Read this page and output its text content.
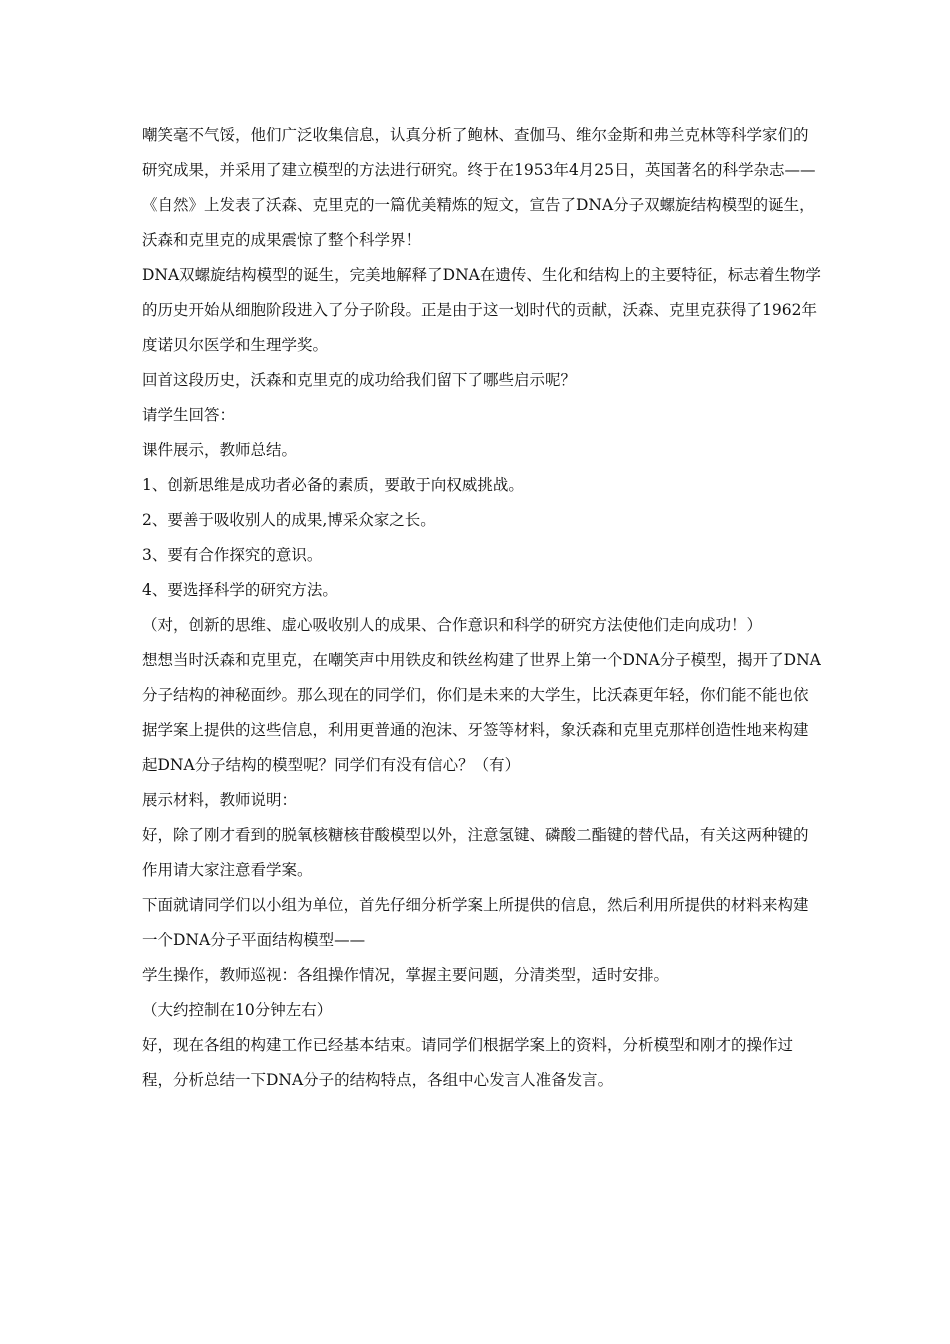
嘲笑毫不气馁，他们广泛收集信息，认真分析了鲍林、查伽马、维尔金斯和弗兰克林等科学家们的研究成果，并采用了建立模型的方法进行研究。终于在1953年4月25日，英国著名的科学杂志——《自然》上发表了沃森、克里克的一篇优美精炼的短文，宣告了DNA分子双螺旋结构模型的诞生，沃森和克里克的成果震惊了整个科学界！

DNA双螺旋结构模型的诞生，完美地解释了DNA在遗传、生化和结构上的主要特征，标志着生物学的历史开始从细胞阶段进入了分子阶段。正是由于这一划时代的贡献，沃森、克里克获得了1962年度诺贝尔医学和生理学奖。

回首这段历史，沃森和克里克的成功给我们留下了哪些启示呢？

请学生回答：

课件展示，教师总结。

1、创新思维是成功者必备的素质，要敢于向权威挑战。

2、要善于吸收别人的成果,博采众家之长。

3、要有合作探究的意识。

4、要选择科学的研究方法。

（对，创新的思维、虚心吸收别人的成果、合作意识和科学的研究方法使他们走向成功！）

想想当时沃森和克里克，在嘲笑声中用铁皮和铁丝构建了世界上第一个DNA分子模型，揭开了DNA分子结构的神秘面纱。那么现在的同学们，你们是未来的大学生，比沃森更年轻，你们能不能也依据学案上提供的这些信息，利用更普通的泡沫、牙签等材料，象沃森和克里克那样创造性地来构建起DNA分子结构的模型呢？同学们有没有信心？（有）

展示材料，教师说明：

好，除了刚才看到的脱氧核糖核苷酸模型以外，注意氢键、磷酸二酯键的替代品，有关这两种键的作用请大家注意看学案。

下面就请同学们以小组为单位，首先仔细分析学案上所提供的信息，然后利用所提供的材料来构建一个DNA分子平面结构模型——

学生操作，教师巡视：各组操作情况，掌握主要问题，分清类型，适时安排。

（大约控制在10分钟左右）

好，现在各组的构建工作已经基本结束。请同学们根据学案上的资料，分析模型和刚才的操作过程，分析总结一下DNA分子的结构特点，各组中心发言人准备发言。
